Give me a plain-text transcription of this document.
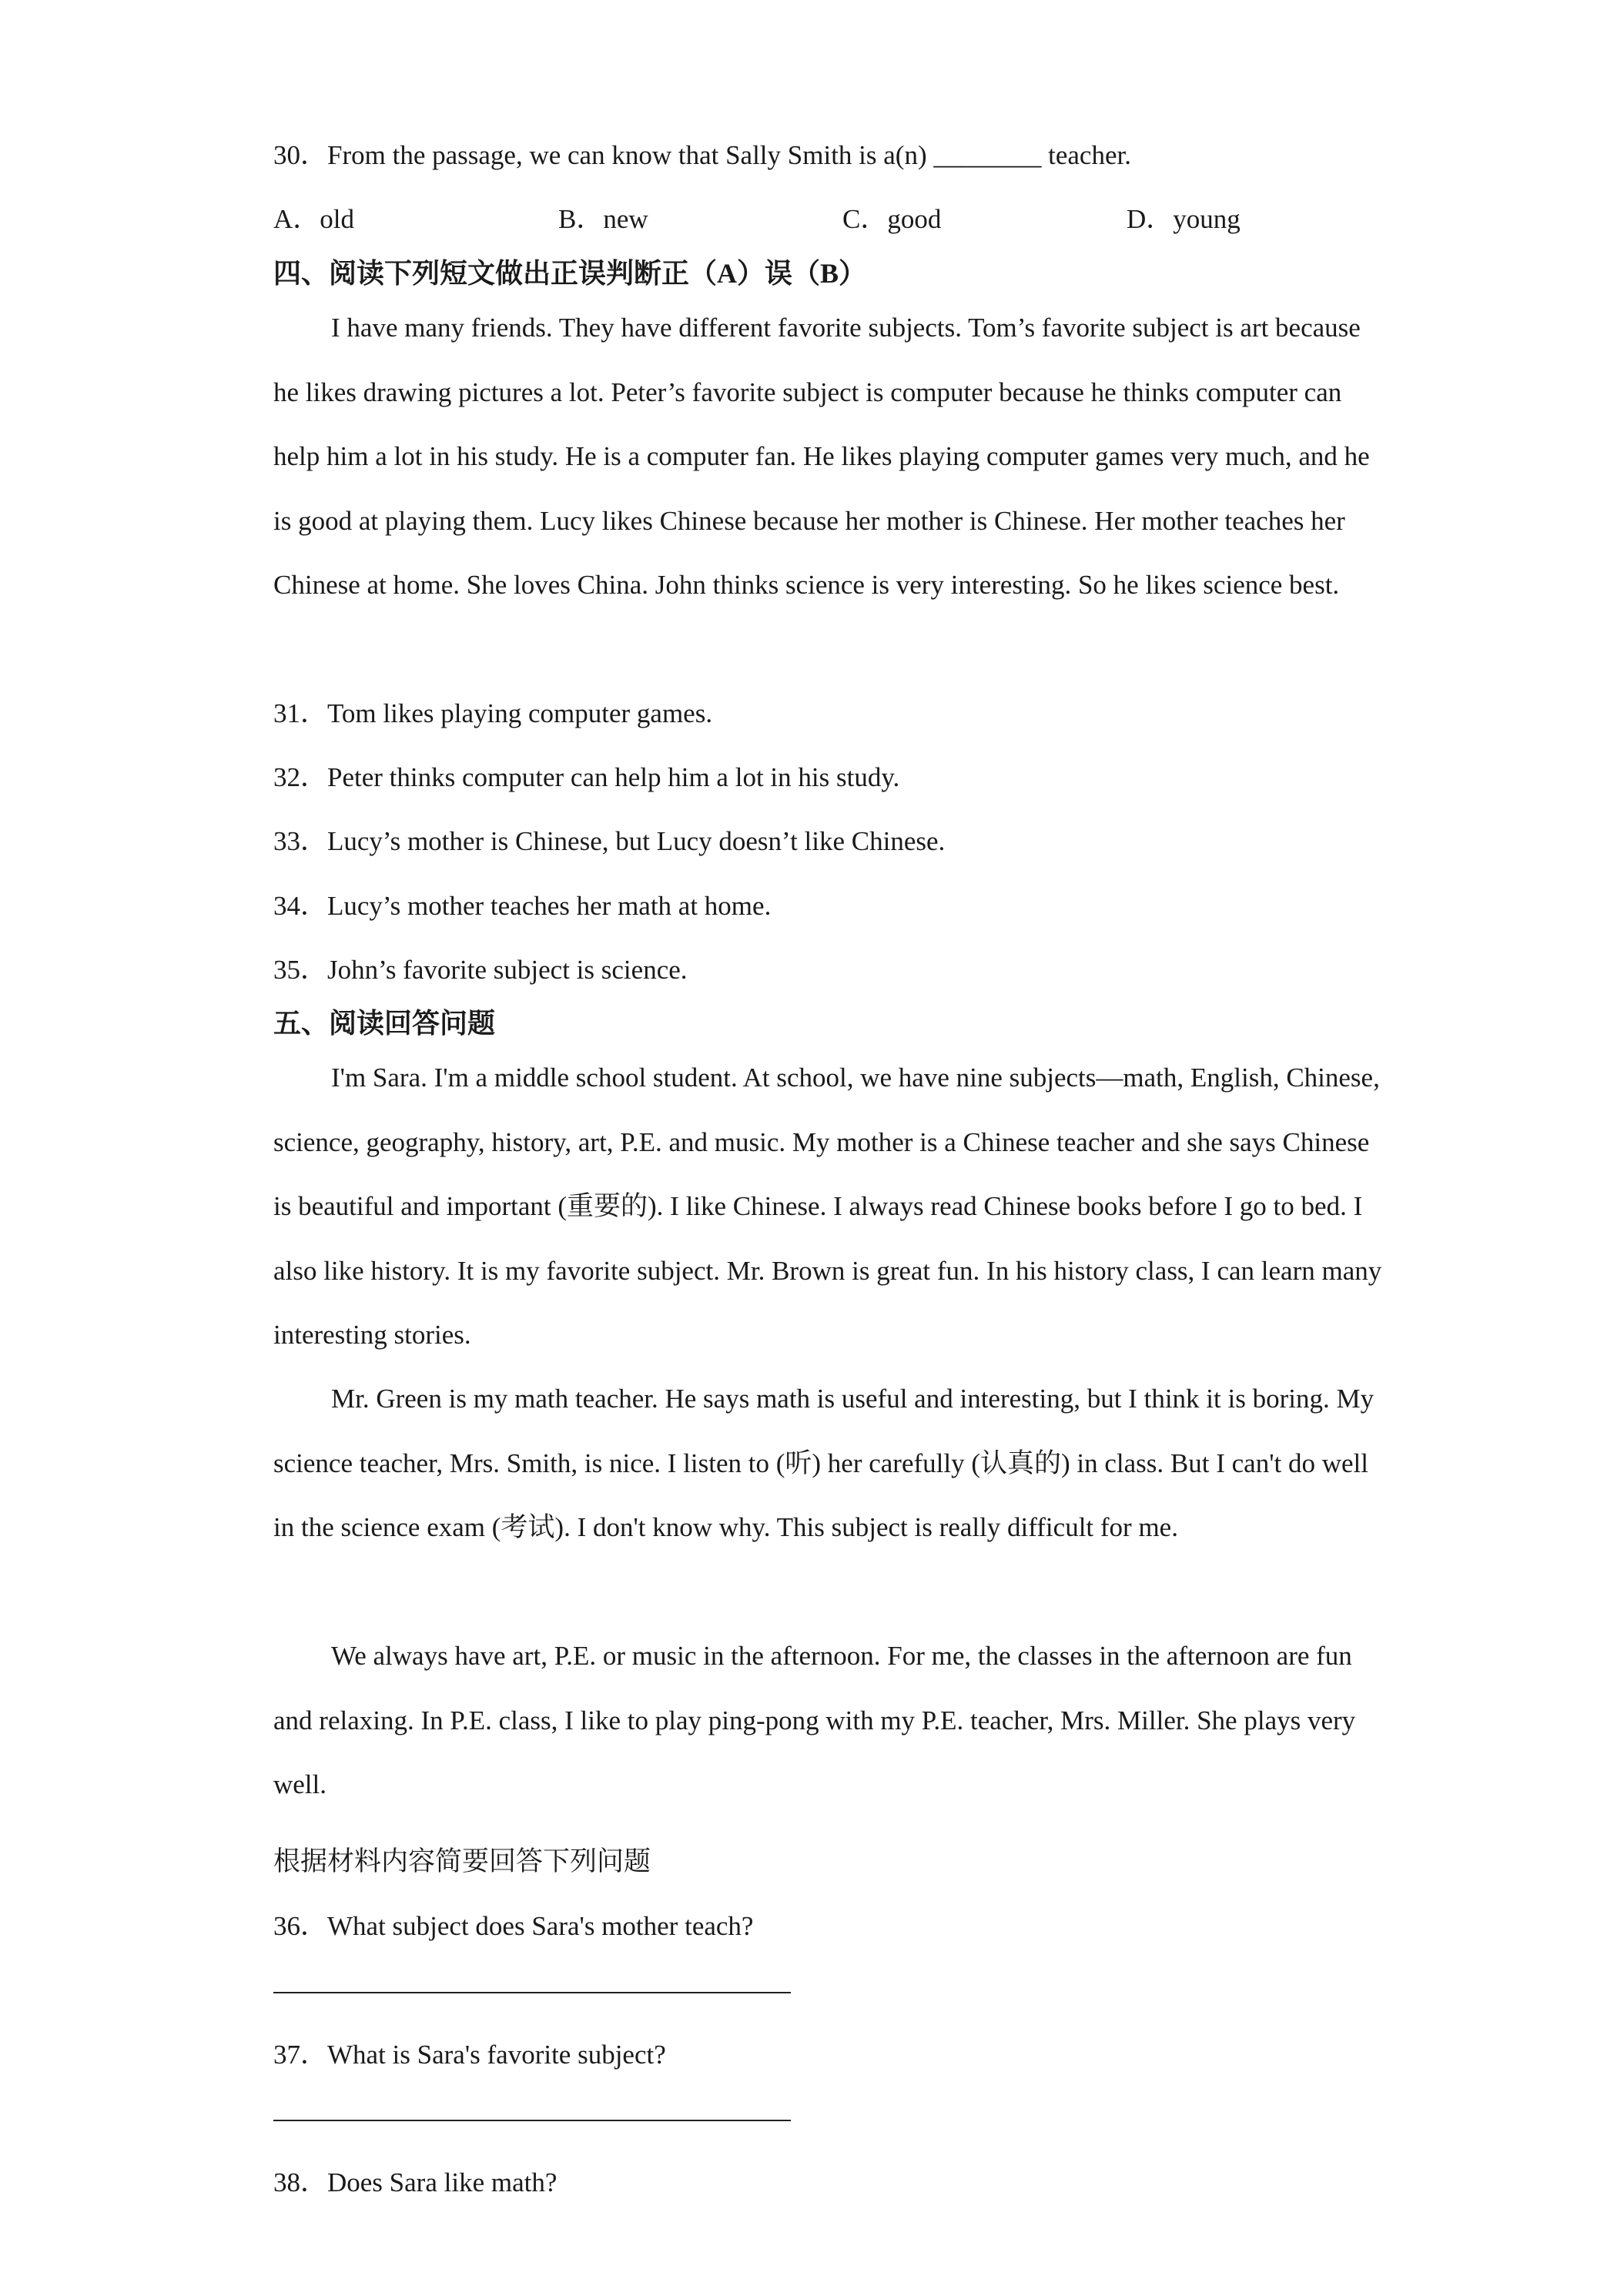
30．From the passage, we can know that Sally Smith is a(n) ________ teacher.
A．old	B．new	C．good	D．young
四、阅读下列短文做出正误判断正（A）误（B）
I have many friends. They have different favorite subjects. Tom’s favorite subject is art because he likes drawing pictures a lot. Peter’s favorite subject is computer because he thinks computer can help him a lot in his study. He is a computer fan. He likes playing computer games very much, and he is good at playing them. Lucy likes Chinese because her mother is Chinese. Her mother teaches her Chinese at home. She loves China. John thinks science is very interesting. So he likes science best.
31．Tom likes playing computer games.
32．Peter thinks computer can help him a lot in his study.
33．Lucy’s mother is Chinese, but Lucy doesn’t like Chinese.
34．Lucy’s mother teaches her math at home.
35．John’s favorite subject is science.
五、阅读回答问题
I'm Sara. I'm a middle school student. At school, we have nine subjects—math, English, Chinese, science, geography, history, art, P.E. and music. My mother is a Chinese teacher and she says Chinese is beautiful and important (重要的). I like Chinese. I always read Chinese books before I go to bed. I also like history. It is my favorite subject. Mr. Brown is great fun. In his history class, I can learn many interesting stories.
Mr. Green is my math teacher. He says math is useful and interesting, but I think it is boring. My science teacher, Mrs. Smith, is nice. I listen to (听) her carefully (认真的) in class. But I can't do well in the science exam (考试). I don't know why. This subject is really difficult for me.
We always have art, P.E. or music in the afternoon. For me, the classes in the afternoon are fun and relaxing. In P.E. class, I like to play ping-pong with my P.E. teacher, Mrs. Miller. She plays very well.
根据材料内容简要回答下列问题
36．What subject does Sara's mother teach?
37．What is Sara's favorite subject?
38．Does Sara like math?
